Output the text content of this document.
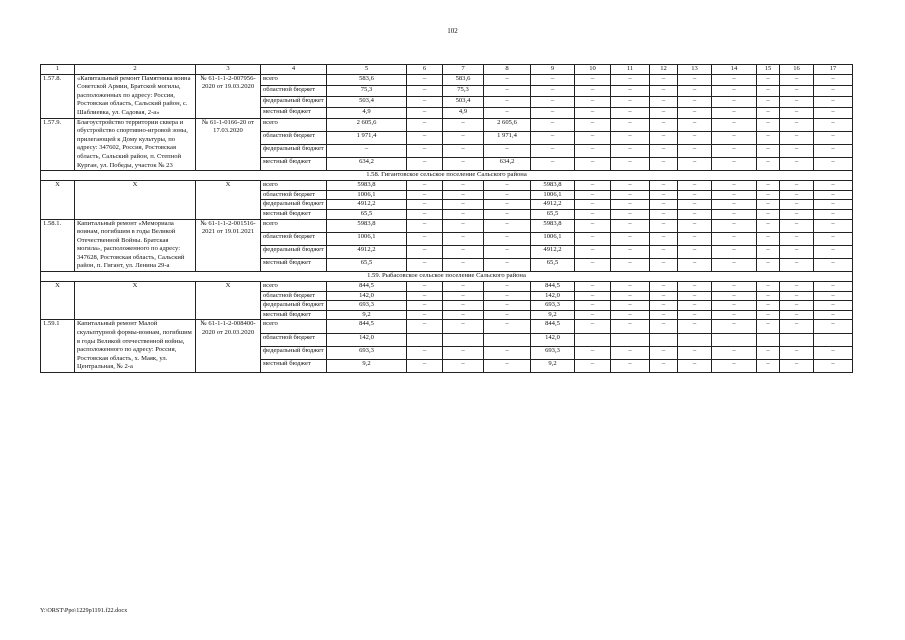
102
1	2	3	4	5	6	7	8	9	10	11	12	13	14	15	16	17
1.57.8.	«Капитальный ремонт Памятника воина Советской Армии, Братской могилы, расположенных по адресу: Россия, Ростовская область, Сальский район, с. Шаблиевка, ул. Садовая, 2-а»	№ 61-1-1-2-007956-2020 от 19.03.2020	всего	583,6	–	583,6	–	–	–	–	–	–	–	–	–	–
			областной бюджет	75,3	–	75,3	–	–	–	–	–	–	–	–	–	–
			федеральный бюджет	503,4	–	503,4	–	–	–	–	–	–	–	–	–	–
			местный бюджет	4,9	–	4,9	–	–	–	–	–	–	–	–	–	–
1.57.9.	Благоустройство территории сквера и обустройство спортивно-игровой зоны, прилегающей к Дому культуры, по адресу: 347602, Россия, Ростовская область, Сальский район, п. Степной Курган, ул. Победы, участок № 23	№ 61-1-0166-20 от 17.03.2020	всего	2 605,6	–	–	2 605,6	–	–	–	–	–	–	–	–	–
			областной бюджет	1 971,4	–	–	1 971,4	–	–	–	–	–	–	–	–	–
			федеральный бюджет	–	–	–	–	–	–	–	–	–	–	–	–	–
			местный бюджет	634,2	–	–	634,2	–	–	–	–	–	–	–	–	–
1.58. Гигантовское сельское поселение Сальского района																
Х	Х	Х	всего	5983,8	–	–	–	5983,8	–	–	–	–	–	–	–	–
			областной бюджет	1006,1	–	–	–	1006,1	–	–	–	–	–	–	–	–
			федеральный бюджет	4912,2	–	–	–	4912,2	–	–	–	–	–	–	–	–
			местный бюджет	65,5	–	–	–	65,5	–	–	–	–	–	–	–	–
1.58.1.	Капитальный ремонт «Мемориала воинам, погибшим в годы Великой Отечественной Войны. Братская могила», расположенного по адресу: 347628, Ростовская область, Сальский район, п. Гигант, ул. Ленина 29-а	№ 61-1-1-2-001516-2021 от 19.01.2021	всего	5983,8	–	–	–	5983,8	–	–	–	–	–	–	–	–
			областной бюджет	1006,1	–	–	–	1006,1	–	–	–	–	–	–	–	–
			федеральный бюджет	4912,2	–	–	–	4912,2	–	–	–	–	–	–	–	–
			местный бюджет	65,5	–	–	–	65,5	–	–	–	–	–	–	–	–
1.59. Рыбасовское сельское поселение Сальского района																
Х	Х	Х	всего	844,5	–	–	–	844,5	–	–	–	–	–	–	–	–
			областной бюджет	142,0	–	–	–	142,0	–	–	–	–	–	–	–	–
			федеральный бюджет	693,3	–	–	–	693,3	–	–	–	–	–	–	–	–
			местный бюджет	9,2	–	–	–	9,2	–	–	–	–	–	–	–	–
1.59.1	Капитальный ремонт Малой скульптурной формы-воинам, погибшим в годы Великой отечественной войны, расположенного по адресу: Россия, Ростовская область, х. Маяк, ул. Центральная, № 2-а	№ 61-1-1-2-008400-2020 от 20.03.2020	всего	844,5	–	–	–	844,5	–	–	–	–	–	–	–	–
			областной бюджет	142,0				142,0								
			федеральный бюджет	693,3	–	–	–	693,3	–	–	–	–	–	–	–	–
			местный бюджет	9,2	–	–	–	9,2	–	–	–	–	–	–	–	–
Y:\ORST\Ppo\1229p1191.f22.docx
